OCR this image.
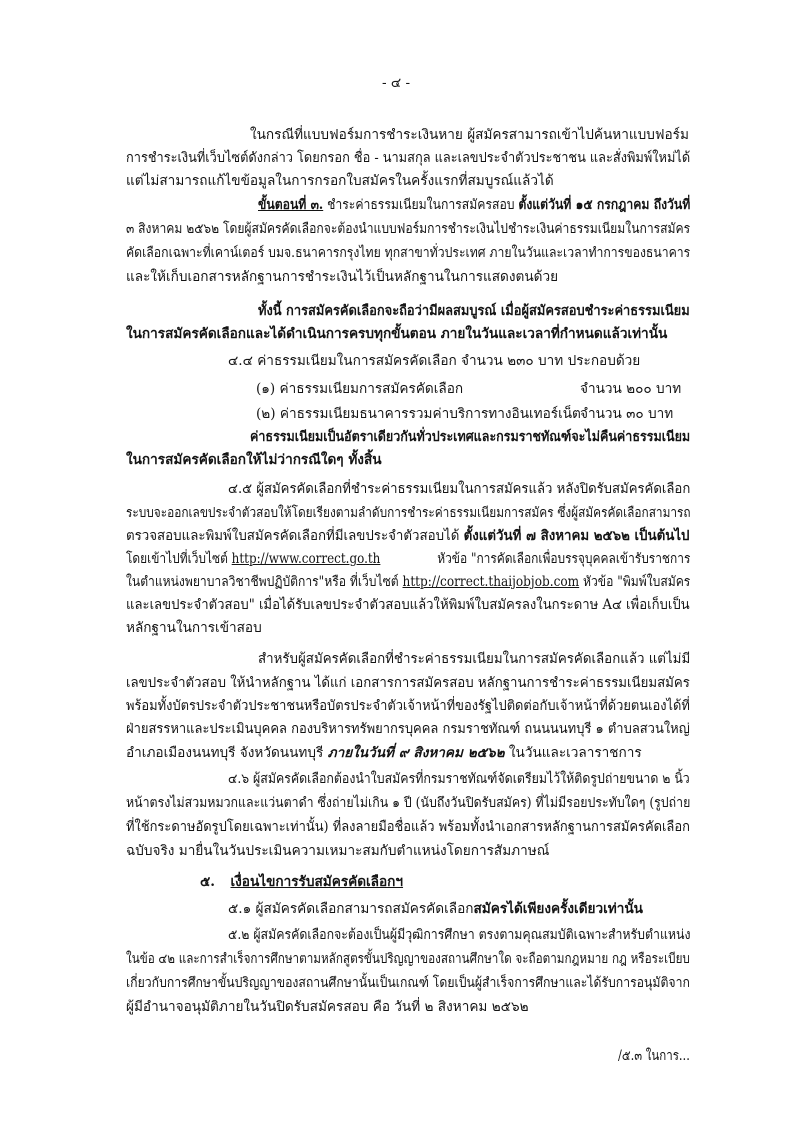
- ๔ -
ในกรณีที่แบบฟอร์มการชำระเงินหาย ผู้สมัครสามารถเข้าไปค้นหาแบบฟอร์ม
การชำระเงินที่เว็บไซต์ดังกล่าว โดยกรอก ชื่อ - นามสกุล และเลขประจำตัวประชาชน และสั่งพิมพ์ใหม่ได้
แต่ไม่สามารถแก้ไขข้อมูลในการกรอกใบสมัครในครั้งแรกที่สมบูรณ์แล้วได้
ขั้นตอนที่ ๓. ชำระค่าธรรมเนียมในการสมัครสอบ ตั้งแต่วันที่ ๑๕ กรกฎาคม ถึงวันที่
๓ สิงหาคม ๒๕๖๒ โดยผู้สมัครคัดเลือกจะต้องนำแบบฟอร์มการชำระเงินไปชำระเงินค่าธรรมเนียมในการสมัคร
คัดเลือกเฉพาะที่เคาน์เตอร์ บมจ.ธนาคารกรุงไทย ทุกสาขาทั่วประเทศ ภายในวันและเวลาทำการของธนาคาร
และให้เก็บเอกสารหลักฐานการชำระเงินไว้เป็นหลักฐานในการแสดงตนด้วย
ทั้งนี้ การสมัครคัดเลือกจะถือว่ามีผลสมบูรณ์ เมื่อผู้สมัครสอบชำระค่าธรรมเนียม
ในการสมัครคัดเลือกและได้ดำเนินการครบทุกขั้นตอน ภายในวันและเวลาที่กำหนดแล้วเท่านั้น
๔.๔ ค่าธรรมเนียมในการสมัครคัดเลือก จำนวน ๒๓๐ บาท ประกอบด้วย
(๑) ค่าธรรมเนียมการสมัครคัดเลือก	จำนวน ๒๐๐ บาท
(๒) ค่าธรรมเนียมธนาคารรวมค่าบริการทางอินเทอร์เน็ต จำนวน ๓๐ บาท
ค่าธรรมเนียมเป็นอัตราเดียวกันทั่วประเทศและกรมราชทัณฑ์จะไม่คืนค่าธรรมเนียม
ในการสมัครคัดเลือกให้ไม่ว่ากรณีใดๆ ทั้งสิ้น
๔.๕ ผู้สมัครคัดเลือกที่ชำระค่าธรรมเนียมในการสมัครแล้ว หลังปิดรับสมัครคัดเลือก
ระบบจะออกเลขประจำตัวสอบให้โดยเรียงตามลำดับการชำระค่าธรรมเนียมการสมัคร ซึ่งผู้สมัครคัดเลือกสามารถ
ตรวจสอบและพิมพ์ใบสมัครคัดเลือกที่มีเลขประจำตัวสอบได้ ตั้งแต่วันที่ ๗ สิงหาคม ๒๕๖๒ เป็นต้นไป
โดยเข้าไปที่เว็บไซต์ http://www.correct.go.th	หัวข้อ "การคัดเลือกเพื่อบรรจุบุคคลเข้ารับราชการ
ในตำแหน่งพยาบาลวิชาชีพปฏิบัติการ"หรือ ที่เว็บไซต์ http://correct.thaijobjob.com หัวข้อ "พิมพ์ใบสมัคร
และเลขประจำตัวสอบ" เมื่อได้รับเลขประจำตัวสอบแล้วให้พิมพ์ใบสมัครลงในกระดาษ A๔ เพื่อเก็บเป็น
หลักฐานในการเข้าสอบ
สำหรับผู้สมัครคัดเลือกที่ชำระค่าธรรมเนียมในการสมัครคัดเลือกแล้ว แต่ไม่มี
เลขประจำตัวสอบ ให้นำหลักฐาน ได้แก่ เอกสารการสมัครสอบ หลักฐานการชำระค่าธรรมเนียมสมัคร
พร้อมทั้งบัตรประจำตัวประชาชนหรือบัตรประจำตัวเจ้าหน้าที่ของรัฐไปติดต่อกับเจ้าหน้าที่ด้วยตนเองได้ที่
ฝ่ายสรรหาและประเมินบุคคล กองบริหารทรัพยากรบุคคล กรมราชทัณฑ์ ถนนนนทบุรี ๑ ตำบลสวนใหญ่
อำเภอเมืองนนทบุรี จังหวัดนนทบุรี ภายในวันที่ ๙ สิงหาคม ๒๕๖๒ ในวันและเวลาราชการ
๔.๖ ผู้สมัครคัดเลือกต้องนำใบสมัครที่กรมราชทัณฑ์จัดเตรียมไว้ให้ติดรูปถ่ายขนาด ๒ นิ้ว
หน้าตรงไม่สวมหมวกและแว่นตาดำ ซึ่งถ่ายไม่เกิน ๑ ปี (นับถึงวันปิดรับสมัคร) ที่ไม่มีรอยประทับใดๆ (รูปถ่าย
ที่ใช้กระดาษอัดรูปโดยเฉพาะเท่านั้น) ที่ลงลายมือชื่อแล้ว พร้อมทั้งนำเอกสารหลักฐานการสมัครคัดเลือก
ฉบับจริง มายื่นในวันประเมินความเหมาะสมกับตำแหน่งโดยการสัมภาษณ์
๕. เงื่อนไขการรับสมัครคัดเลือกฯ
๕.๑ ผู้สมัครคัดเลือกสามารถสมัครคัดเลือกสมัครได้เพียงครั้งเดียวเท่านั้น
๕.๒ ผู้สมัครคัดเลือกจะต้องเป็นผู้มีวุฒิการศึกษา ตรงตามคุณสมบัติเฉพาะสำหรับตำแหน่ง
ในข้อ ๔๒ และการสำเร็จการศึกษาตามหลักสูตรขั้นปริญญาของสถานศึกษาใด จะถือตามกฎหมาย กฎ หรือระเบียบ
เกี่ยวกับการศึกษาขั้นปริญญาของสถานศึกษานั้นเป็นเกณฑ์ โดยเป็นผู้สำเร็จการศึกษาและได้รับการอนุมัติจาก
ผู้มีอำนาจอนุมัติภายในวันปิดรับสมัครสอบ คือ วันที่ ๒ สิงหาคม ๒๕๖๒
/๕.๓ ในการ...
